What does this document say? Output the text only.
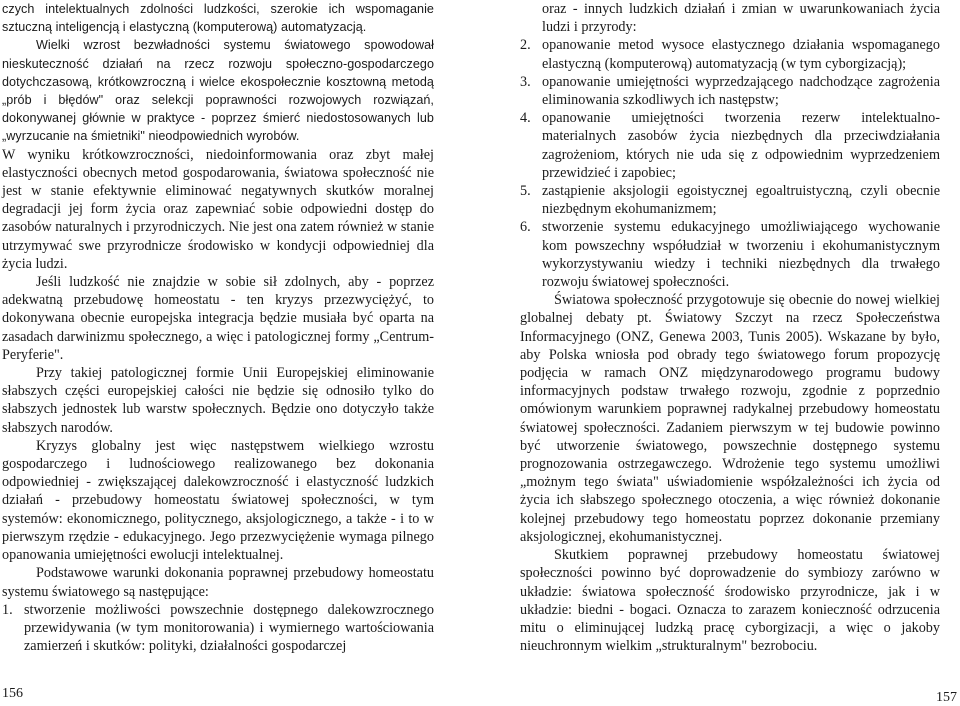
czych intelektualnych zdolności ludzkości, szerokie ich wspomaganie sztuczną inteligencją i elastyczną (komputerową) automatyzacją.

Wielki wzrost bezwładności systemu światowego spowodował nieskuteczność działań na rzecz rozwoju społeczno-gospodarczego dotychczasową, krótkowzroczną i wielce ekospołecznie kosztowną metodą „prób i błędów" oraz selekcji poprawności rozwojowych rozwiązań, dokonywanej głównie w praktyce - poprzez śmierć niedostosowanych lub „wyrzucanie na śmietniki" nieodpowiednich wyrobów.

W wyniku krótkowzroczności, niedoinformowania oraz zbyt małej elastyczności obecnych metod gospodarowania, światowa społeczność nie jest w stanie efektywnie eliminować negatywnych skutków moralnej degradacji jej form życia oraz zapewniać sobie odpowiedni dostęp do zasobów naturalnych i przyrodniczych. Nie jest ona zatem również w stanie utrzymywać swe przyrodnicze środowisko w kondycji odpowiedniej dla życia ludzi.

Jeśli ludzkość nie znajdzie w sobie sił zdolnych, aby - poprzez adekwatną przebudowę homeostatu - ten kryzys przezwyciężyć, to dokonywana obecnie europejska integracja będzie musiała być oparta na zasadach darwinizmu społecznego, a więc i patologicznej formy „Centrum-Peryferie".

Przy takiej patologicznej formie Unii Europejskiej eliminowanie słabszych części europejskiej całości nie będzie się odnosiło tylko do słabszych jednostek lub warstw społecznych. Będzie ono dotyczyło także słabszych narodów.

Kryzys globalny jest więc następstwem wielkiego wzrostu gospodarczego i ludnościowego realizowanego bez dokonania odpowiedniej - zwiększającej dalekowzroczność i elastyczność ludzkich działań - przebudowy homeostatu światowej społeczności, w tym systemów: ekonomicznego, politycznego, aksjologicznego, a także - i to w pierwszym rzędzie - edukacyjnego. Jego przezwyciężenie wymaga pilnego opanowania umiejętności ewolucji intelektualnej.

Podstawowe warunki dokonania poprawnej przebudowy homeostatu systemu światowego są następujące:

1. stworzenie możliwości powszechnie dostępnego dalekowzrocznego przewidywania (w tym monitorowania) i wymiernego wartościowania zamierzeń i skutków: polityki, działalności gospodarczej
156

oraz - innych ludzkich działań i zmian w uwarunkowaniach życia ludzi i przyrody:

2. opanowanie metod wysoce elastycznego działania wspomaganego elastyczną (komputerową) automatyzacją (w tym cyborgizacją);
3. opanowanie umiejętności wyprzedzającego nadchodzące zagrożenia eliminowania szkodliwych ich następstw;
4. opanowanie umiejętności tworzenia rezerw intelektualno-materialnych zasobów życia niezbędnych dla przeciwdziałania zagrożeniom, których nie uda się z odpowiednim wyprzedzeniem przewidzieć i zapobiec;
5. zastąpienie aksjologii egoistycznej egoaltruistyczną, czyli obecnie niezbędnym ekohumanizmem;
6. stworzenie systemu edukacyjnego umożliwiającego wychowanie kom powszechny współudział w tworzeniu i ekohumanistycznym wykorzystywaniu wiedzy i techniki niezbędnych dla trwałego rozwoju światowej społeczności.

Światowa społeczność przygotowuje się obecnie do nowej wielkiej globalnej debaty pt. Światowy Szczyt na rzecz Społeczeństwa Informacyjnego (ONZ, Genewa 2003, Tunis 2005). Wskazane by było, aby Polska wniosła pod obrady tego światowego forum propozycję podjęcia w ramach ONZ międzynarodowego programu budowy informacyjnych podstaw trwałego rozwoju, zgodnie z poprzednio omówionym warunkiem poprawnej radykalnej przebudowy homeostatu światowej społeczności. Zadaniem pierwszym w tej budowie powinno być utworzenie światowego, powszechnie dostępnego systemu prognozowania ostrzegawczego. Wdrożenie tego systemu umożliwi „możnym tego świata" uświadomienie współzależności ich życia od życia ich słabszego społecznego otoczenia, a więc również dokonanie kolejnej przebudowy tego homeostatu poprzez dokonanie przemiany aksjologicznej, ekohumanistycznej.

Skutkiem poprawnej przebudowy homeostatu światowej społeczności powinno być doprowadzenie do symbiozy zarówno w układzie: światowa społeczność środowisko przyrodnicze, jak i w układzie: biedni - bogaci. Oznacza to zarazem konieczność odrzucenia mitu o eliminującej ludzką pracę cyborgizacji, a więc o jakoby nieuchronnym wielkim „strukturalnym" bezrobociu.

157
